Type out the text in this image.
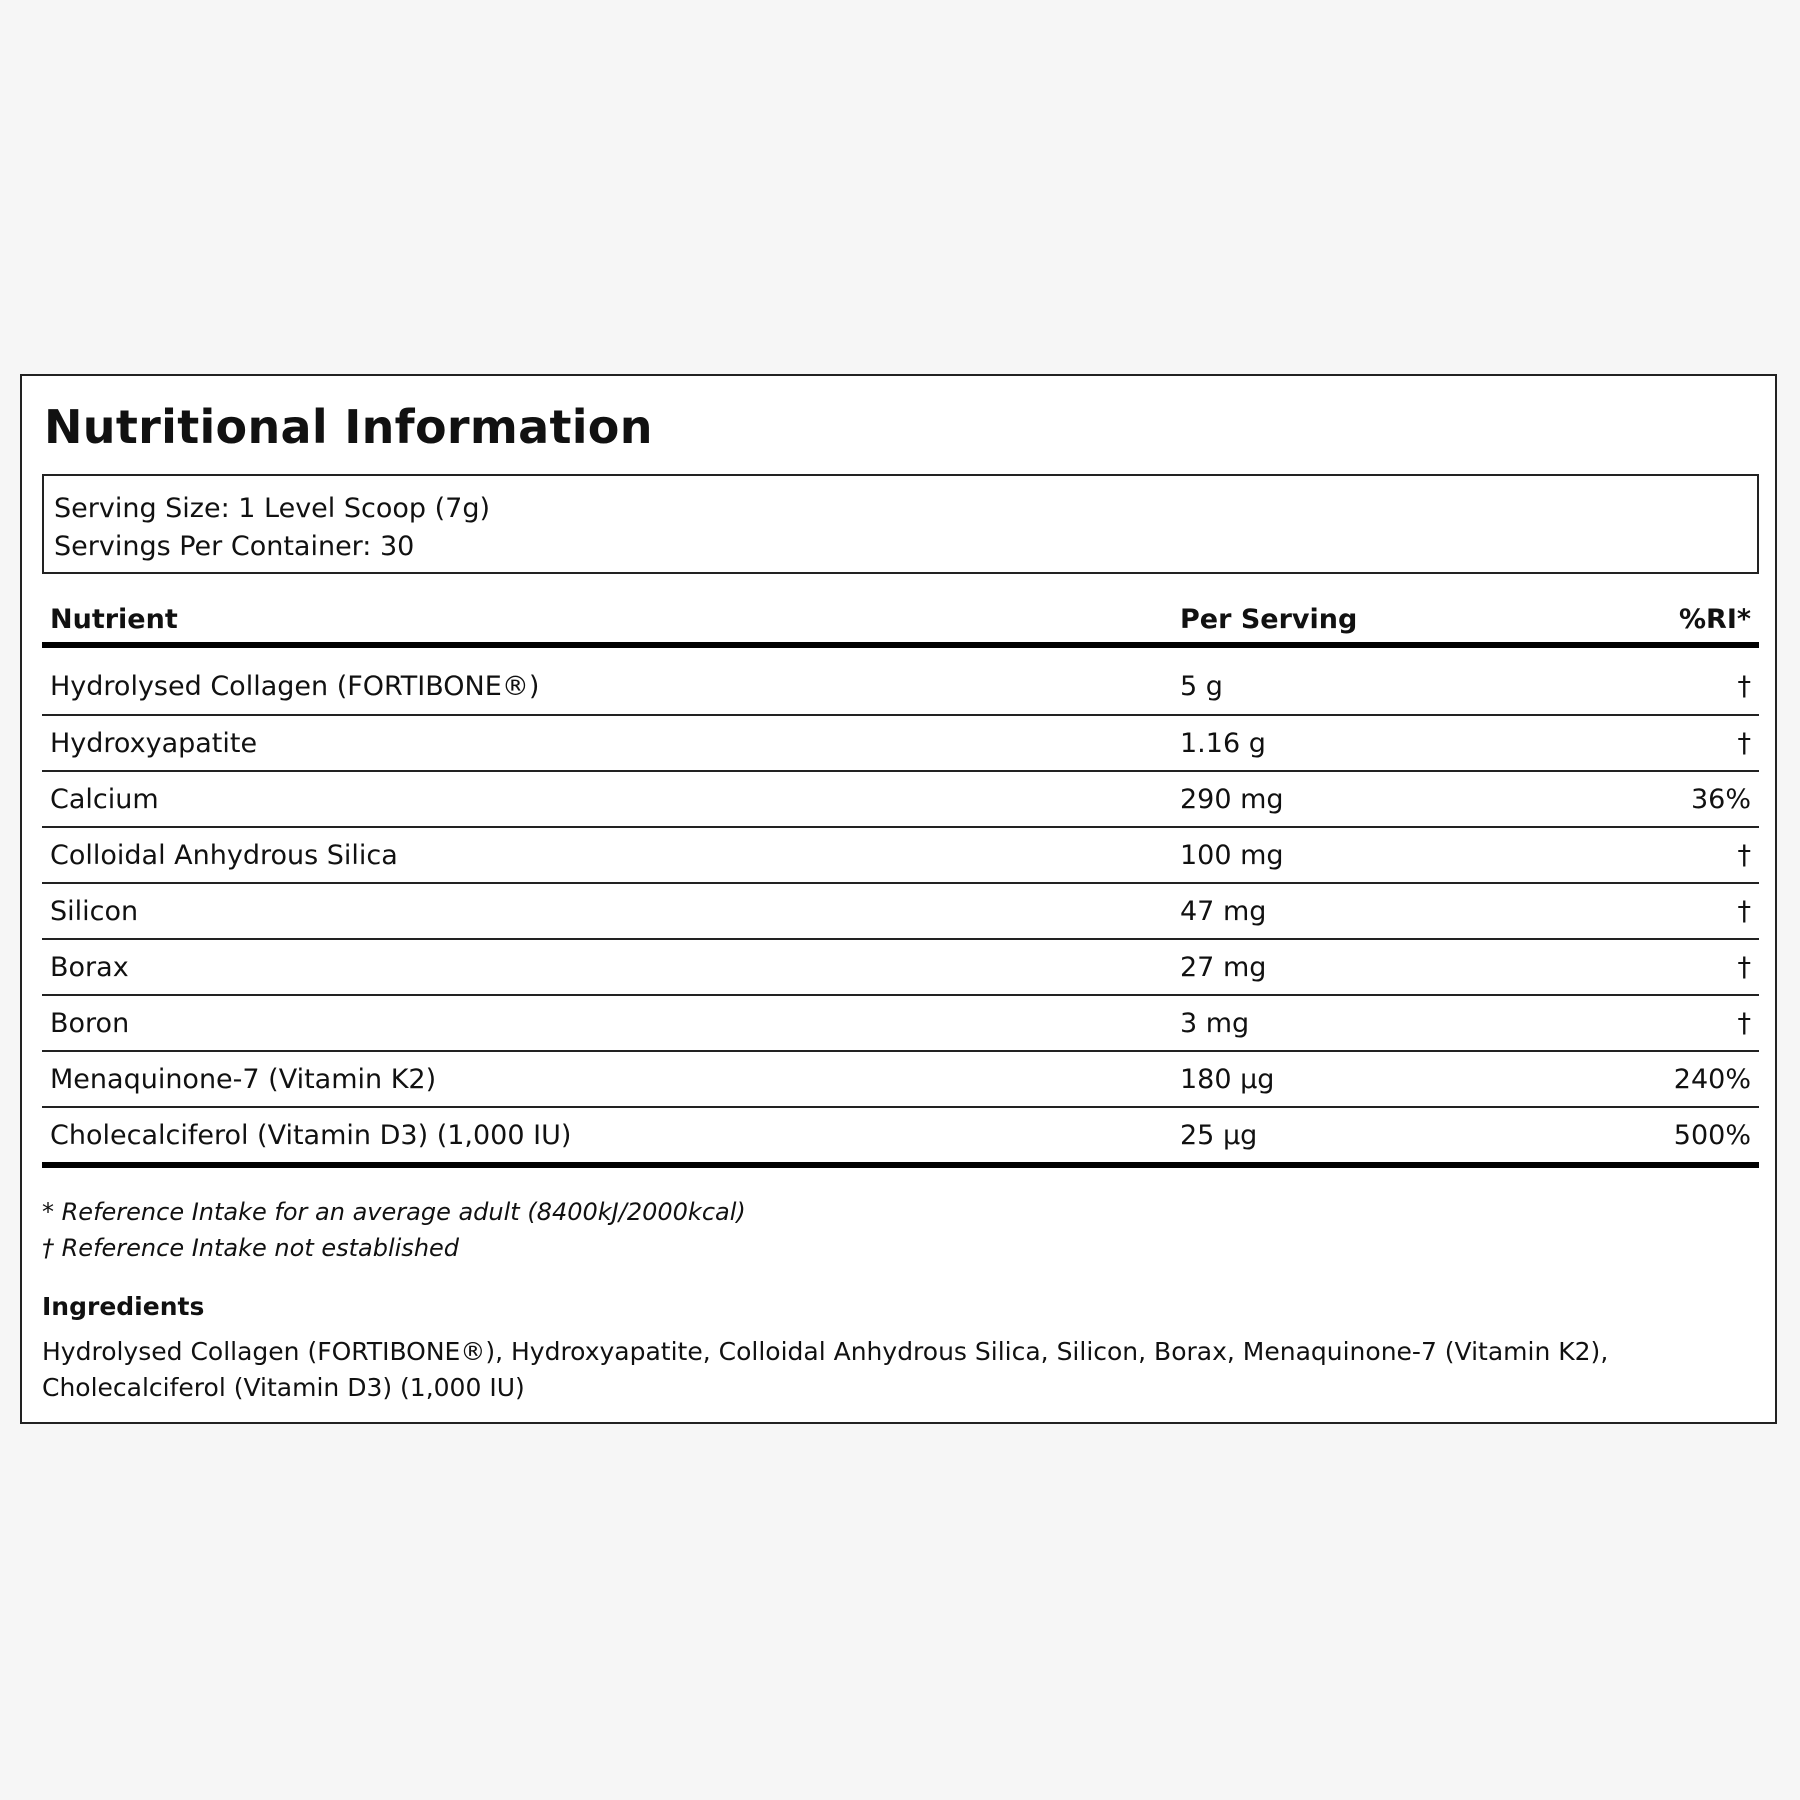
Nutritional Information
Serving Size: 1 Level Scoop (7g)
Servings Per Container: 30
Nutrient	Per Serving	%RI*
Hydrolysed Collagen (FORTIBONE®)	5 g	†
Hydroxyapatite	1.16 g	†
Calcium	290 mg	36%
Colloidal Anhydrous Silica	100 mg	†
Silicon	47 mg	†
Borax	27 mg	†
Boron	3 mg	†
Menaquinone-7 (Vitamin K2)	180 µg	240%
Cholecalciferol (Vitamin D3) (1,000 IU)	25 µg	500%
* Reference Intake for an average adult (8400kJ/2000kcal)
† Reference Intake not established
Ingredients

Hydrolysed Collagen (FORTIBONE®), Hydroxyapatite, Colloidal Anhydrous Silica, Silicon, Borax, Menaquinone-7 (Vitamin K2), Cholecalciferol (Vitamin D3) (1,000 IU)
